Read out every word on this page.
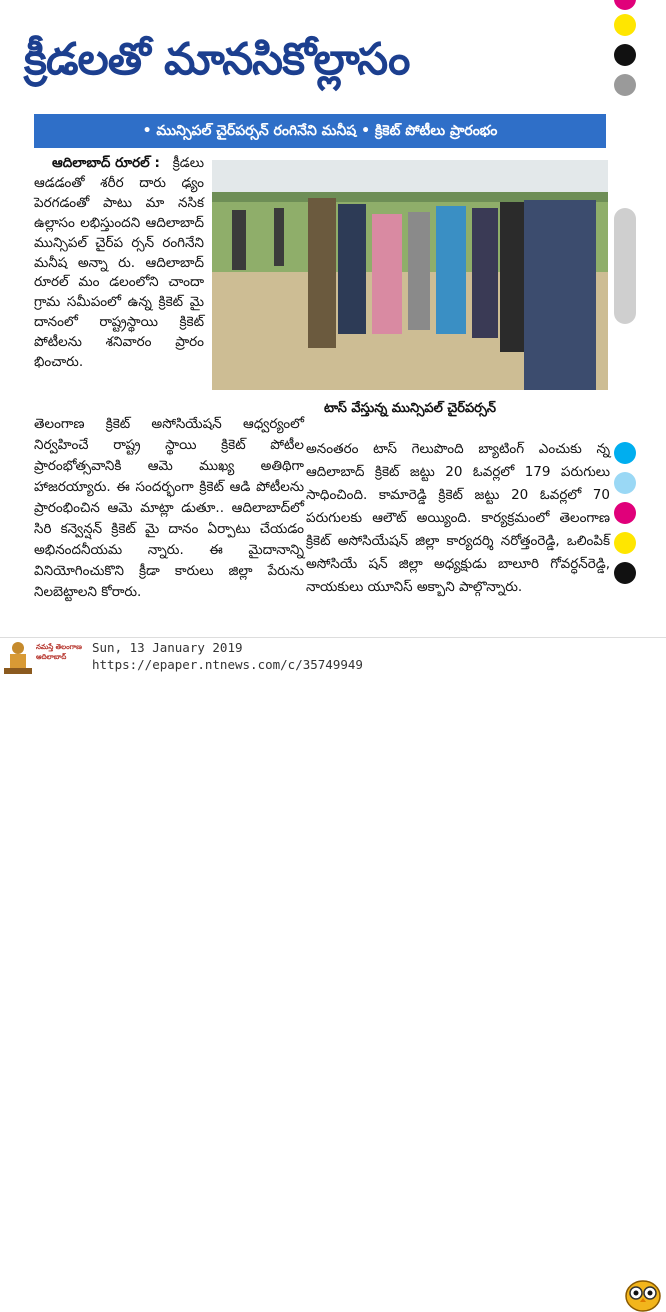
క్రీడలతో మానసికోల్లాసం
• మున్సిపల్ చైర్‌పర్సన్ రంగినేని మనీష • క్రికెట్ పోటీలు ప్రారంభం
ఆదిలాబాద్ రూరల్ : క్రీడలు ఆడడంతో శరీర దారు ఢ్యం పెరగడంతో పాటు మా నసిక ఉల్లాసం లభిస్తుందని ఆదిలాబాద్ మున్సిపల్ చైర్‌ప ర్సన్ రంగినేని మనీష అన్నా రు. ఆదిలాబాద్ రూరల్ మం డలంలోని చాందా గ్రామ సమీపంలో ఉన్న క్రికెట్ మై దానంలో రాష్ట్రస్థాయి క్రికెట్ పోటీలను శనివారం ప్రారం భించారు.
టాస్ వేస్తున్న మున్సిపల్ చైర్‌పర్సన్
తెలంగాణ క్రికెట్ అసోసియేషన్ ఆధ్వర్యంలో నిర్వహించే రాష్ట్ర స్థాయి క్రికెట్ పోటీల ప్రారంభోత్సవానికి ఆమె ముఖ్య అతిథిగా హాజరయ్యారు. ఈ సందర్భంగా క్రికెట్ ఆడి పోటీలను ప్రారంభించిన ఆమె మాట్లా డుతూ.. ఆదిలాబాద్‌లో సిరి కన్వెన్షన్ క్రికెట్ మై దానం ఏర్పాటు చేయడం అభినందనీయమ న్నారు. ఈ మైదానాన్ని వినియోగించుకొని క్రీడా కారులు జిల్లా పేరును నిలబెట్టాలని కోరారు.
అనంతరం టాస్ గెలుపొంది బ్యాటింగ్ ఎంచుకు న్న ఆదిలాబాద్ క్రికెట్ జట్టు 20 ఓవర్లలో 179 పరుగులు సాధించింది. కామారెడ్డి క్రికెట్ జట్టు 20 ఓవర్లలో 70 పరుగులకు ఆలౌట్ అయ్యింది. కార్యక్రమంలో తెలంగాణ క్రికెట్ అసోసియేషన్ జిల్లా కార్యదర్శి నరోత్తంరెడ్డి, ఒలింపిక్ అసోసియే షన్ జిల్లా అధ్యక్షుడు బాలూరి గోవర్ధన్‌రెడ్డి, నాయకులు యూనిస్ అక్బాని పాల్గొన్నారు.
నమస్తే తెలంగాణ ఆదిలాబాద్
Sun, 13 January 2019
https://epaper.ntnews.com/c/35749949
